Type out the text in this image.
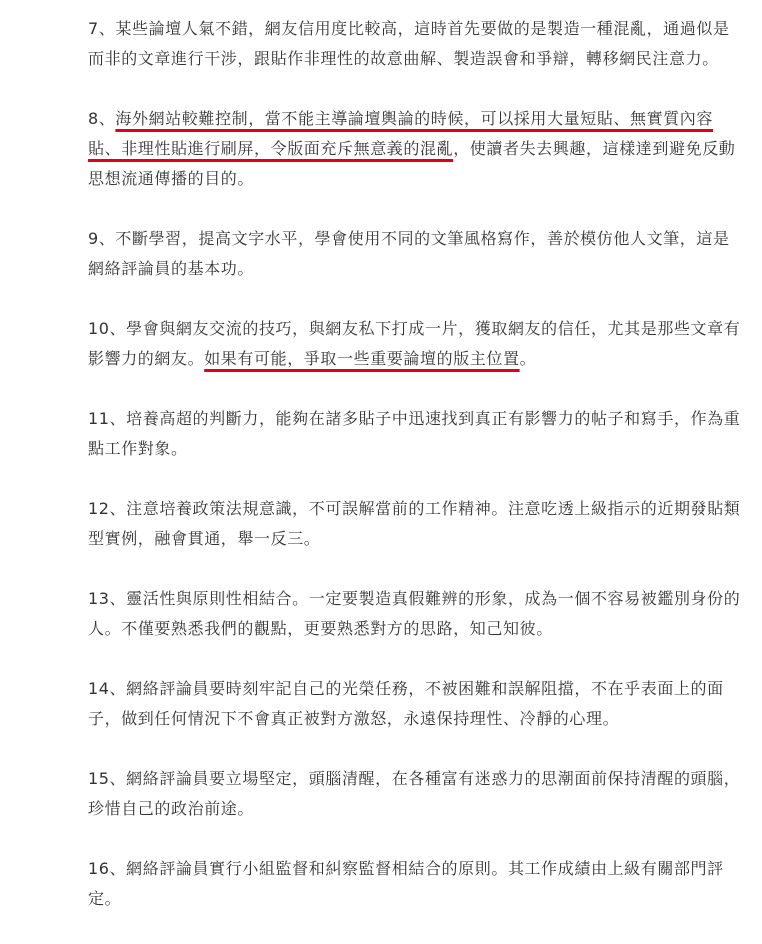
7、某些論壇人氣不錯，網友信用度比較高，這時首先要做的是製造一種混亂，通過似是而非的文章進行干涉，跟貼作非理性的故意曲解、製造誤會和爭辯，轉移網民注意力。

8、海外網站較難控制，當不能主導論壇輿論的時候，可以採用大量短貼、無實質內容貼、非理性貼進行刷屏，令版面充斥無意義的混亂，使讀者失去興趣，這樣達到避免反動思想流通傳播的目的。

9、不斷學習，提高文字水平，學會使用不同的文筆風格寫作，善於模仿他人文筆，這是網絡評論員的基本功。

10、學會與網友交流的技巧，與網友私下打成一片，獲取網友的信任，尤其是那些文章有影響力的網友。如果有可能，爭取一些重要論壇的版主位置。

11、培養高超的判斷力，能夠在諸多貼子中迅速找到真正有影響力的帖子和寫手，作為重點工作對象。

12、注意培養政策法規意識，不可誤解當前的工作精神。注意吃透上級指示的近期發貼類型實例，融會貫通，舉一反三。

13、靈活性與原則性相結合。一定要製造真假難辨的形象，成為一個不容易被鑑別身份的人。不僅要熟悉我們的觀點，更要熟悉對方的思路，知己知彼。

14、網絡評論員要時刻牢記自己的光榮任務，不被困難和誤解阻擋，不在乎表面上的面子，做到任何情況下不會真正被對方激怒，永遠保持理性、冷靜的心理。

15、網絡評論員要立場堅定，頭腦清醒，在各種富有迷惑力的思潮面前保持清醒的頭腦，珍惜自己的政治前途。

16、網絡評論員實行小組監督和糾察監督相結合的原則。其工作成績由上級有關部門評定。
